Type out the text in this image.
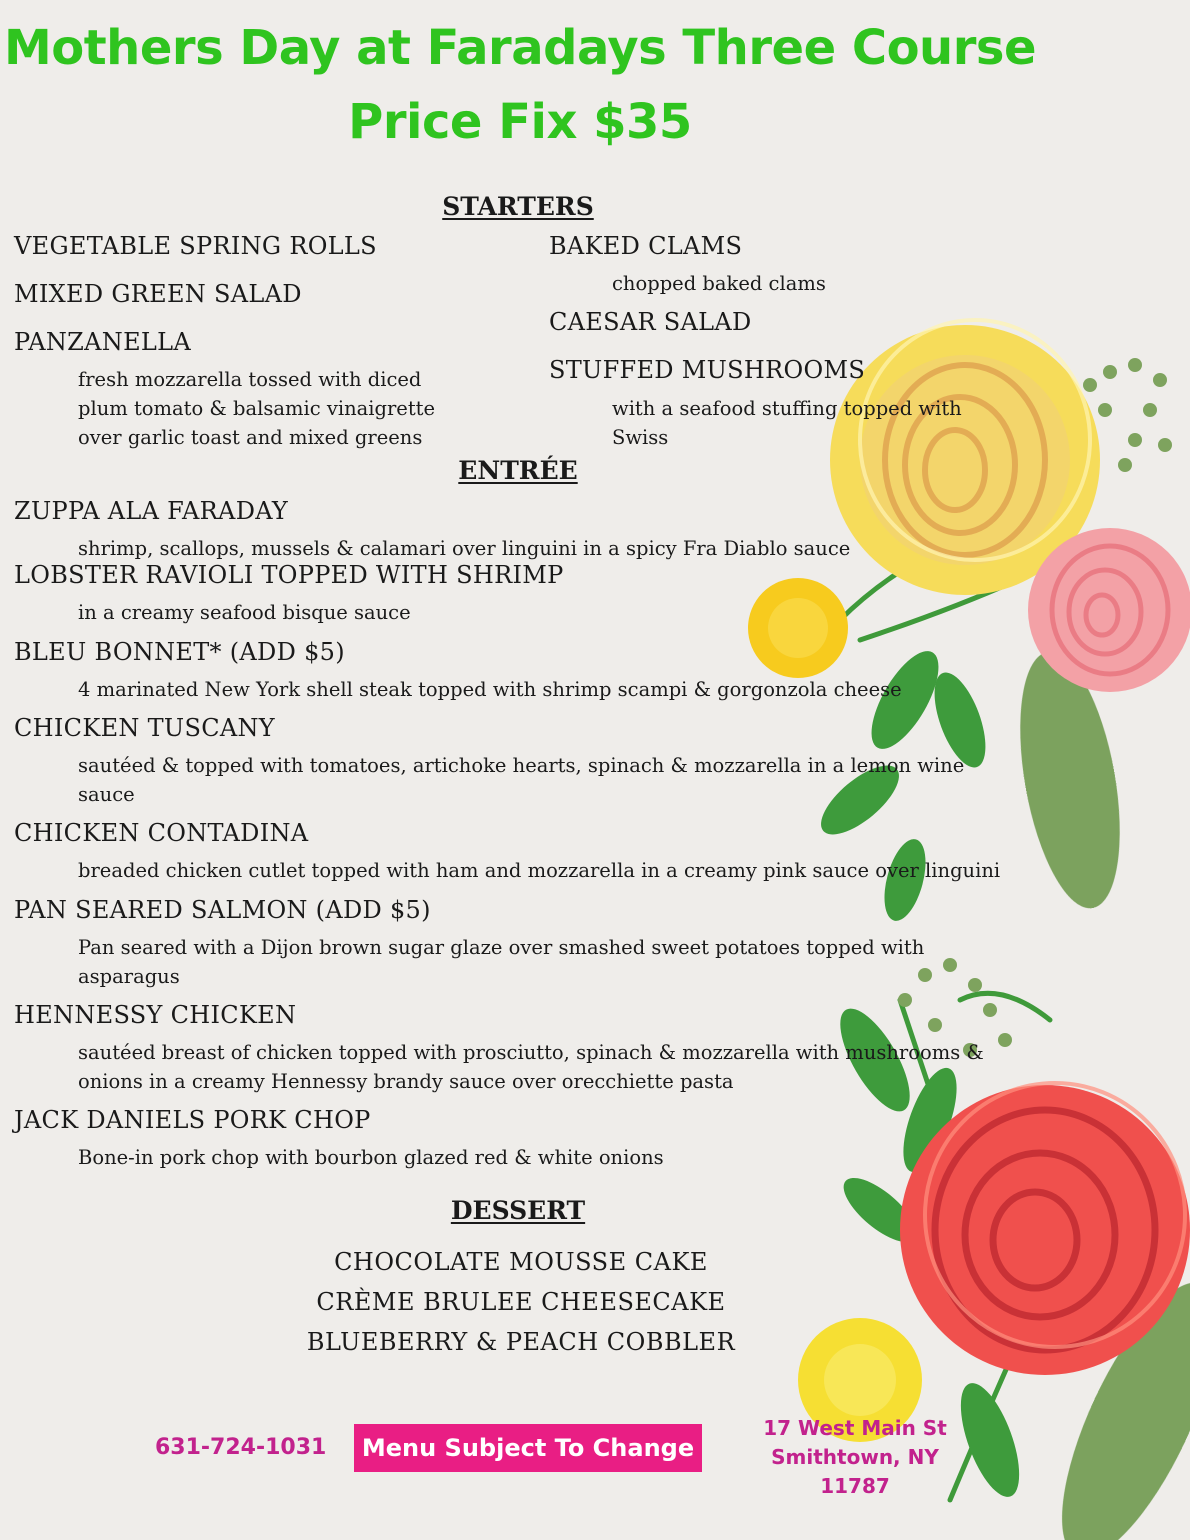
Mothers Day at Faradays Three Course
Price Fix $35
STARTERS
VEGETABLE SPRING ROLLS
MIXED GREEN SALAD
PANZANELLA
fresh mozzarella tossed with diced
plum tomato & balsamic vinaigrette
over garlic toast and mixed greens
BAKED CLAMS
chopped baked clams
CAESAR SALAD
STUFFED MUSHROOMS
with a seafood stuffing topped with
Swiss
ENTRÉE
ZUPPA ALA FARADAY
shrimp, scallops, mussels & calamari over linguini in a spicy Fra Diablo sauce
LOBSTER RAVIOLI TOPPED WITH SHRIMP
in a creamy seafood bisque sauce
BLEU BONNET* (ADD $5)
4 marinated New York shell steak topped with shrimp scampi & gorgonzola cheese
CHICKEN TUSCANY
sautéed & topped with tomatoes, artichoke hearts, spinach & mozzarella in a lemon wine
sauce
CHICKEN CONTADINA
breaded chicken cutlet topped with ham and mozzarella in a creamy pink sauce over linguini
PAN SEARED SALMON (ADD $5)
Pan seared with a Dijon brown sugar glaze over smashed sweet potatoes topped with
asparagus
HENNESSY CHICKEN
sautéed breast of chicken topped with prosciutto, spinach & mozzarella with mushrooms &
onions in a creamy Hennessy brandy sauce over orecchiette pasta
JACK DANIELS PORK CHOP
Bone-in pork chop with bourbon glazed red & white onions
DESSERT
CHOCOLATE MOUSSE CAKE
CRÈME BRULEE CHEESECAKE
BLUEBERRY & PEACH COBBLER
631-724-1031	Menu Subject To Change
17 West Main St
Smithtown, NY 11787
